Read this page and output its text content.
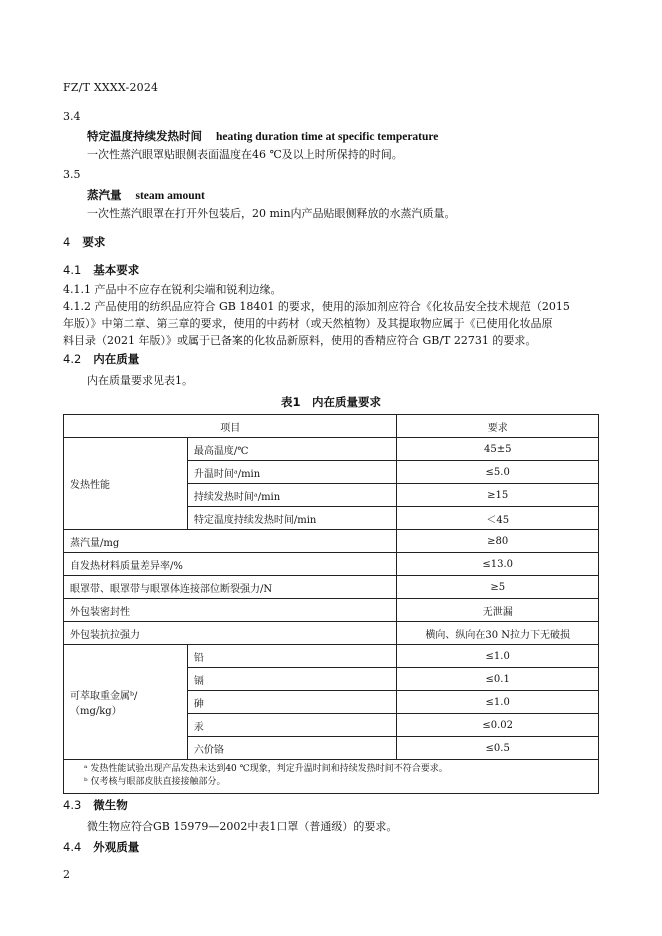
FZ/T XXXX-2024
3.4
特定温度持续发热时间 heating duration time at specific temperature
一次性蒸汽眼罩贴眼侧表面温度在46 ℃及以上时所保持的时间。
3.5
蒸汽量 steam amount
一次性蒸汽眼罩在打开外包装后，20 min内产品贴眼侧释放的水蒸汽质量。
4 要求
4.1 基本要求
4.1.1 产品中不应存在锐利尖端和锐利边缘。
4.1.2 产品使用的纺织品应符合 GB 18401 的要求，使用的添加剂应符合《化妆品安全技术规范（2015
年版）》中第二章、第三章的要求，使用的中药材（或天然植物）及其提取物应属于《已使用化妆品原
料目录（2021 年版）》或属于已备案的化妆品新原料，使用的香精应符合 GB/T 22731 的要求。
4.2 内在质量
内在质量要求见表1。
表1　内在质量要求
项目		要求
发热性能	最高温度/℃	45±5
	升温时间ᵃ/min	≤5.0
	持续发热时间ᵃ/min	≥15
	特定温度持续发热时间/min	＜45
蒸汽量/mg		≥80
自发热材料质量差异率/%		≤13.0
眼罩带、眼罩带与眼罩体连接部位断裂强力/N		≥5
外包装密封性		无泄漏
外包装抗拉强力		横向、纵向在30 N拉力下无破损
可萃取重金属ᵇ/（mg/kg）	铅	≤1.0
	镉	≤0.1
	砷	≤1.0
	汞	≤0.02
	六价铬	≤0.5

ᵃ 发热性能试验出现产品发热未达到40 ℃现象，判定升温时间和持续发热时间不符合要求。
ᵇ 仅考核与眼部皮肤直接接触部分。		
4.3 微生物
微生物应符合GB 15979—2002中表1口罩（普通级）的要求。
4.4 外观质量
2
